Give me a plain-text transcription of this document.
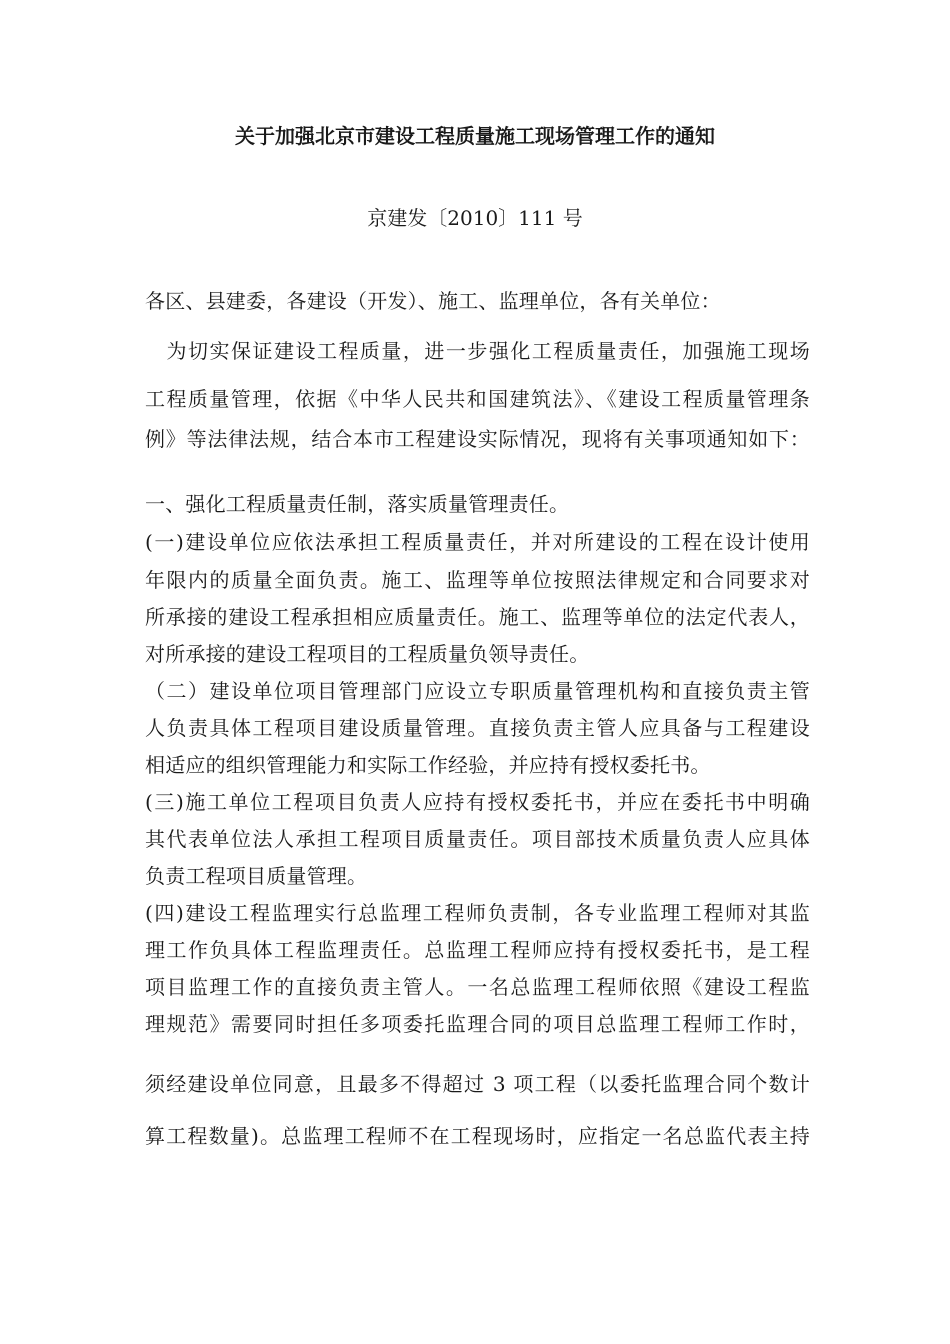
关于加强北京市建设工程质量施工现场管理工作的通知
京建发〔2010〕111 号
各区、县建委，各建设（开发）、施工、监理单位，各有关单位：
　为切实保证建设工程质量，进一步强化工程质量责任，加强施工现场
工程质量管理，依据《中华人民共和国建筑法》、《建设工程质量管理条
例》等法律法规，结合本市工程建设实际情况，现将有关事项通知如下：
一、强化工程质量责任制，落实质量管理责任。
(一)建设单位应依法承担工程质量责任，并对所建设的工程在设计使用
年限内的质量全面负责。施工、监理等单位按照法律规定和合同要求对
所承接的建设工程承担相应质量责任。施工、监理等单位的法定代表人，
对所承接的建设工程项目的工程质量负领导责任。
（二）建设单位项目管理部门应设立专职质量管理机构和直接负责主管
人负责具体工程项目建设质量管理。直接负责主管人应具备与工程建设
相适应的组织管理能力和实际工作经验，并应持有授权委托书。
(三)施工单位工程项目负责人应持有授权委托书，并应在委托书中明确
其代表单位法人承担工程项目质量责任。项目部技术质量负责人应具体
负责工程项目质量管理。
(四)建设工程监理实行总监理工程师负责制，各专业监理工程师对其监
理工作负具体工程监理责任。总监理工程师应持有授权委托书，是工程
项目监理工作的直接负责主管人。一名总监理工程师依照《建设工程监
理规范》需要同时担任多项委托监理合同的项目总监理工程师工作时，
须经建设单位同意，且最多不得超过 3 项工程（以委托监理合同个数计
算工程数量)。总监理工程师不在工程现场时，应指定一名总监代表主持
